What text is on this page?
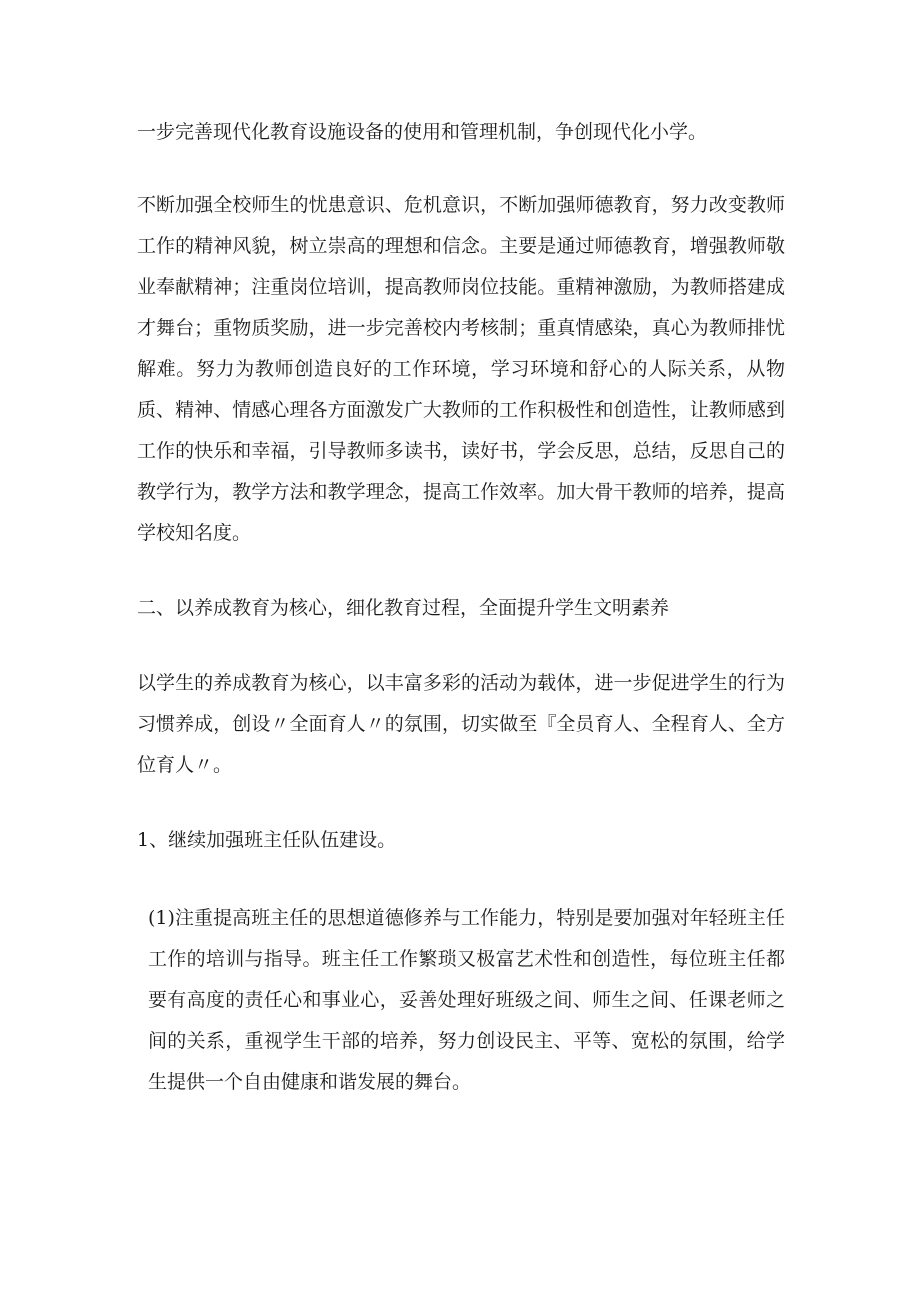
一步完善现代化教育设施设备的使用和管理机制，争创现代化小学。

不断加强全校师生的忧患意识、危机意识，不断加强师德教育，努力改变教师工作的精神风貌，树立崇高的理想和信念。主要是通过师德教育，增强教师敬业奉献精神；注重岗位培训，提高教师岗位技能。重精神激励，为教师搭建成才舞台；重物质奖励，进一步完善校内考核制；重真情感染，真心为教师排忧解难。努力为教师创造良好的工作环境，学习环境和舒心的人际关系，从物质、精神、情感心理各方面激发广大教师的工作积极性和创造性，让教师感到工作的快乐和幸福，引导教师多读书，读好书，学会反思，总结，反思自己的教学行为，教学方法和教学理念，提高工作效率。加大骨干教师的培养，提高学校知名度。

二、以养成教育为核心，细化教育过程，全面提升学生文明素养

以学生的养成教育为核心，以丰富多彩的活动为载体，进一步促进学生的行为习惯养成，创设〃全面育人〃的氛围，切实做至『全员育人、全程育人、全方位育人〃。

1、继续加强班主任队伍建设。

(1)注重提高班主任的思想道德修养与工作能力，特别是要加强对年轻班主任工作的培训与指导。班主任工作繁琐又极富艺术性和创造性，每位班主任都要有高度的责任心和事业心，妥善处理好班级之间、师生之间、任课老师之间的关系，重视学生干部的培养，努力创设民主、平等、宽松的氛围，给学生提供一个自由健康和谐发展的舞台。
